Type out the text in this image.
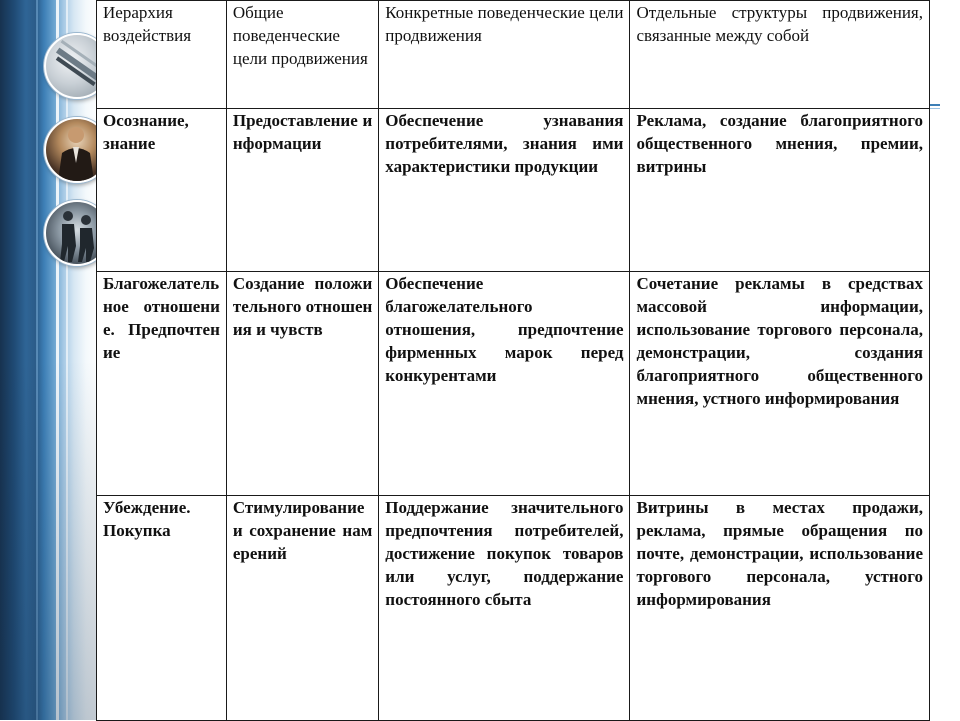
Иерархия воздействия	Общие поведенческие цели продвижения	Конкретные поведенческие цели продвижения	Отдельные структуры продвижения, связанные между собой

Осознание, знание	Предоставление информации	Обеспечение узнавания потребителями, знания ими характеристики продукции	Реклама, создание благоприятного общественного мнения, премии, витрины

Благожелательное отношение. Предпочтение	Создание положительного отношения и чувств	Обеспечение благожелательного отношения, предпочтение фирменных марок перед конкурентами	Сочетание рекламы в средствах массовой информации, использование торгового персонала, демонстрации, создания благоприятного общественного мнения, устного информирования

Убеждение. Покупка	Стимулирование и сохранение намерений	Поддержание значительного предпочтения потребителей, достижение покупок товаров или услуг, поддержание постоянного сбыта	Витрины в местах продажи, реклама, прямые обращения по почте, демонстрации, использование торгового персонала, устного информирования
